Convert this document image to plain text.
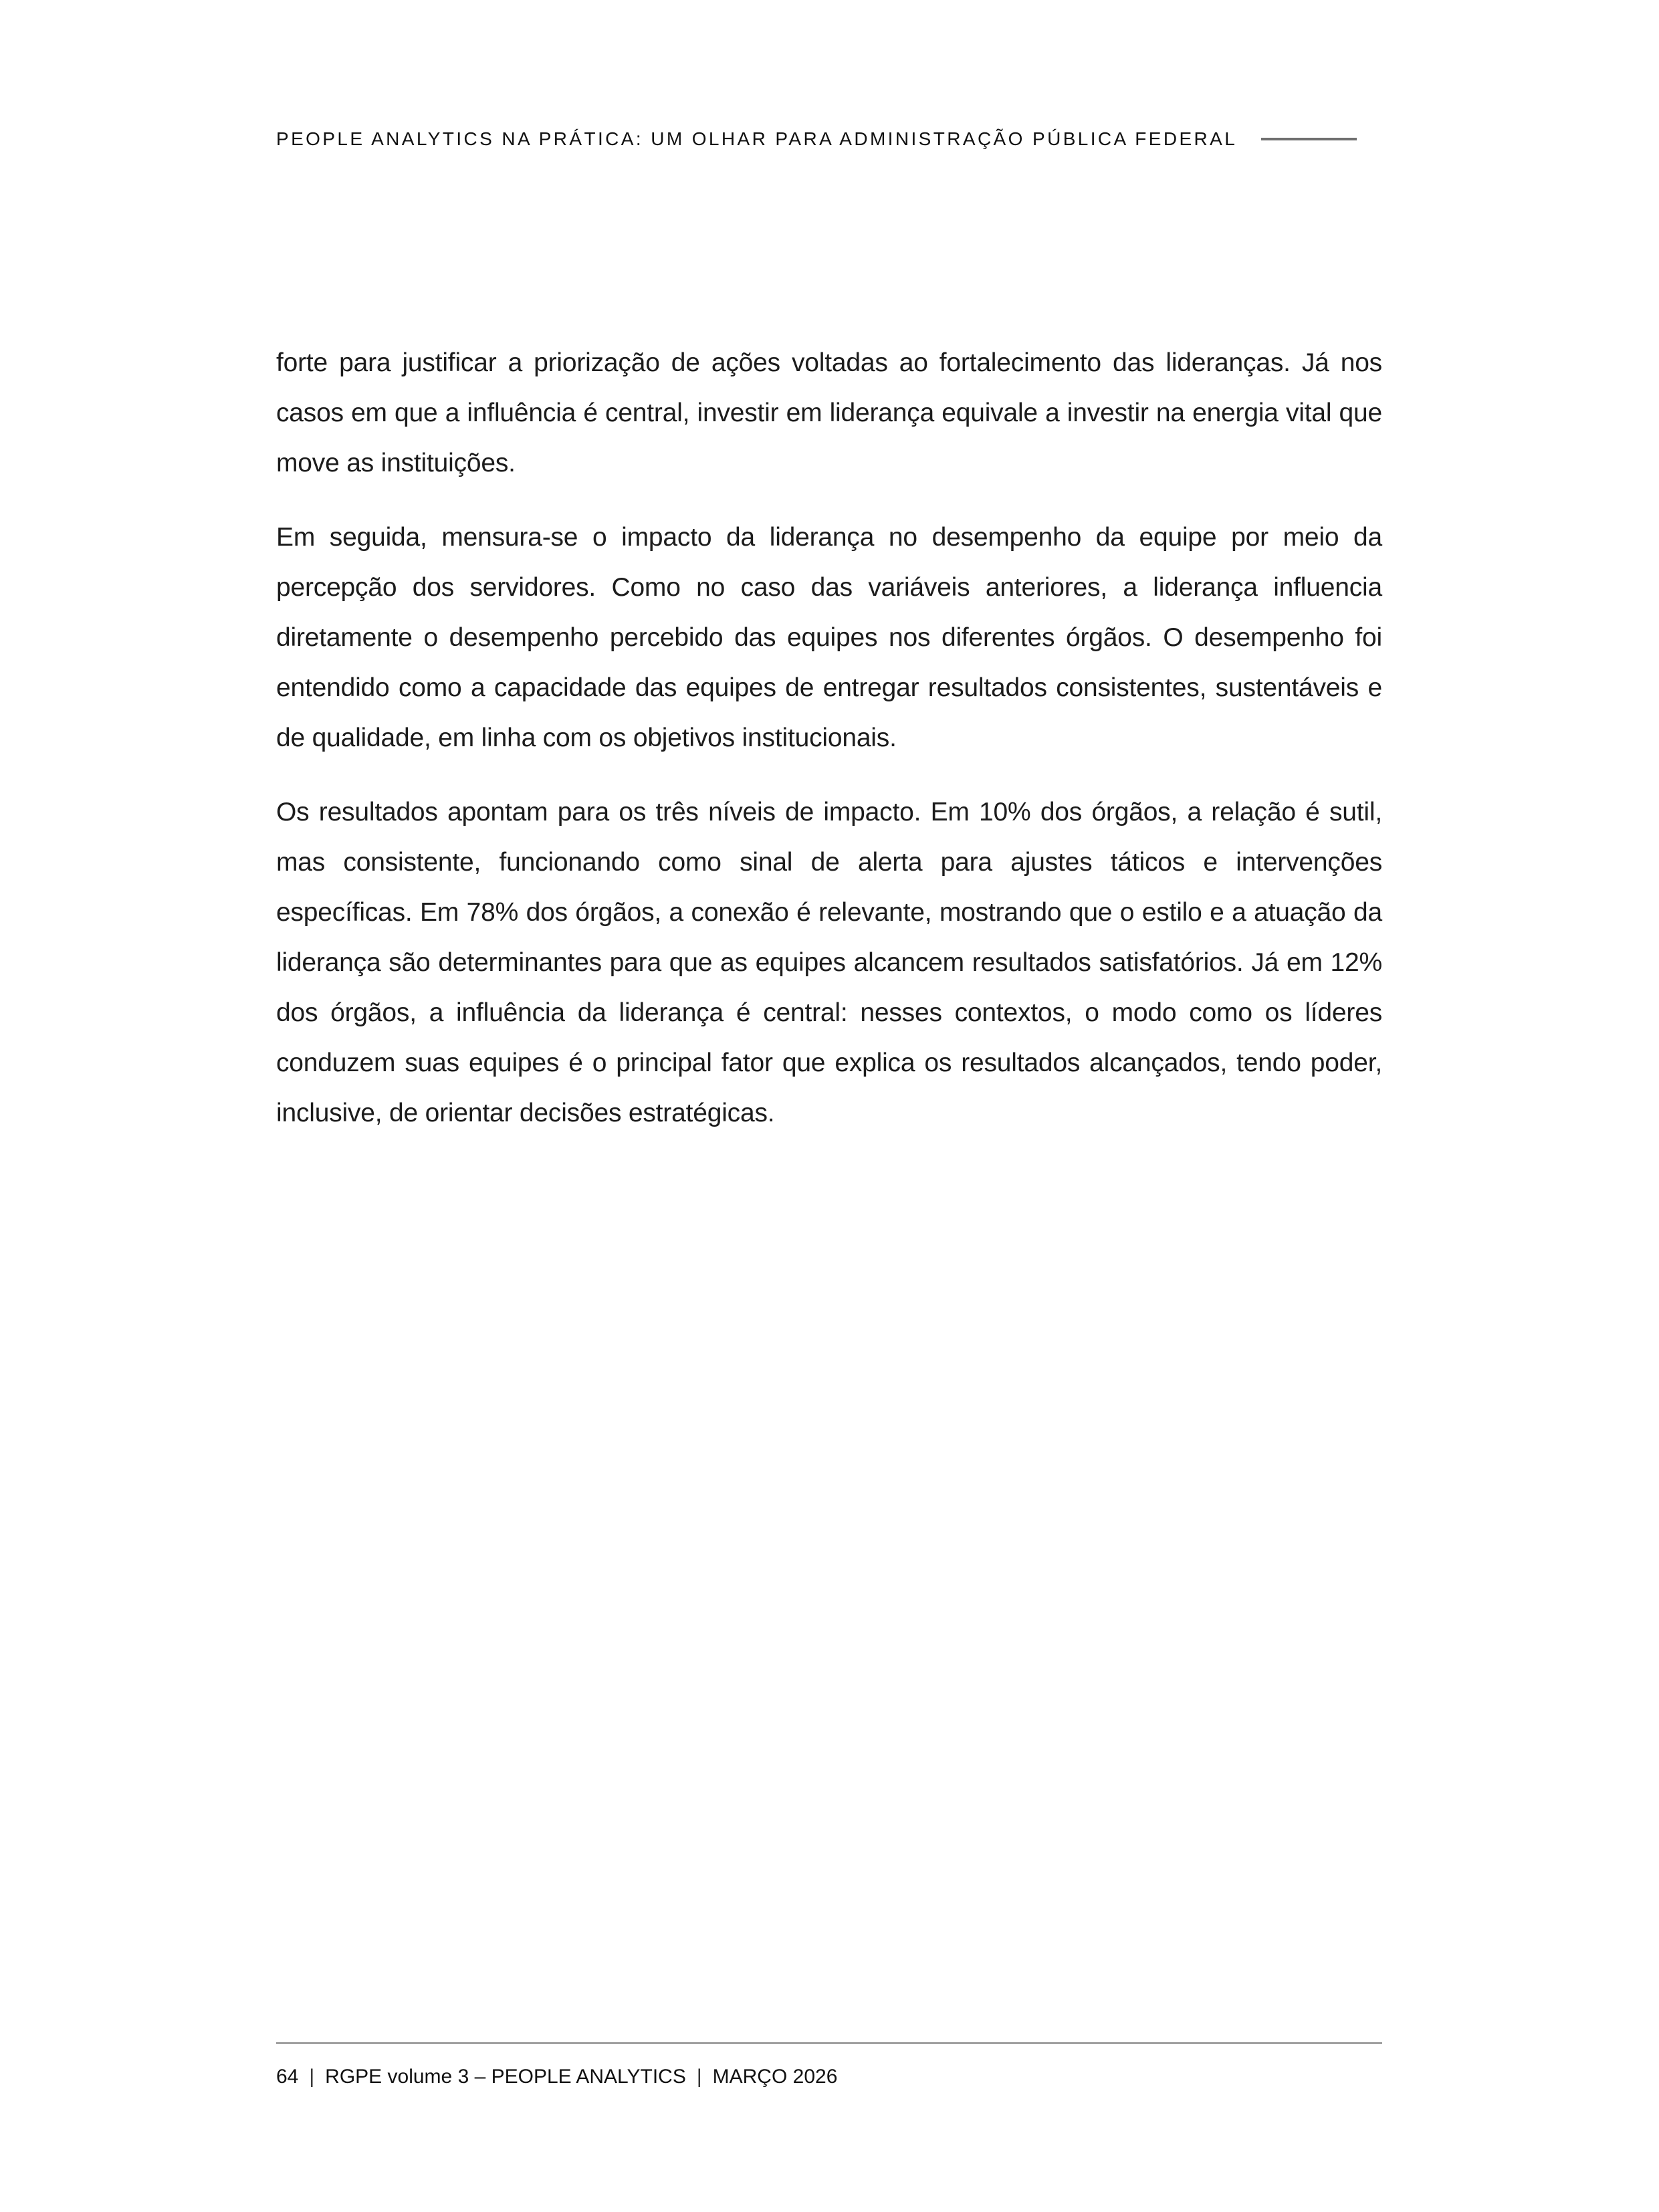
PEOPLE ANALYTICS NA PRÁTICA: UM OLHAR PARA ADMINISTRAÇÃO PÚBLICA FEDERAL

forte para justificar a priorização de ações voltadas ao fortalecimento das lideranças. Já nos casos em que a influência é central, investir em liderança equivale a investir na energia vital que move as instituições.

Em seguida, mensura-se o impacto da liderança no desempenho da equipe por meio da percepção dos servidores. Como no caso das variáveis anteriores, a liderança influencia diretamente o desempenho percebido das equipes nos diferentes órgãos. O desempenho foi entendido como a capacidade das equipes de entregar resultados consistentes, sustentáveis e de qualidade, em linha com os objetivos institucionais.

Os resultados apontam para os três níveis de impacto. Em 10% dos órgãos, a relação é sutil, mas consistente, funcionando como sinal de alerta para ajustes táticos e intervenções específicas. Em 78% dos órgãos, a conexão é relevante, mostrando que o estilo e a atuação da liderança são determinantes para que as equipes alcancem resultados satisfatórios. Já em 12% dos órgãos, a influência da liderança é central: nesses contextos, o modo como os líderes conduzem suas equipes é o principal fator que explica os resultados alcançados, tendo poder, inclusive, de orientar decisões estratégicas.

64 | RGPE volume 3 – PEOPLE ANALYTICS | MARÇO 2026
